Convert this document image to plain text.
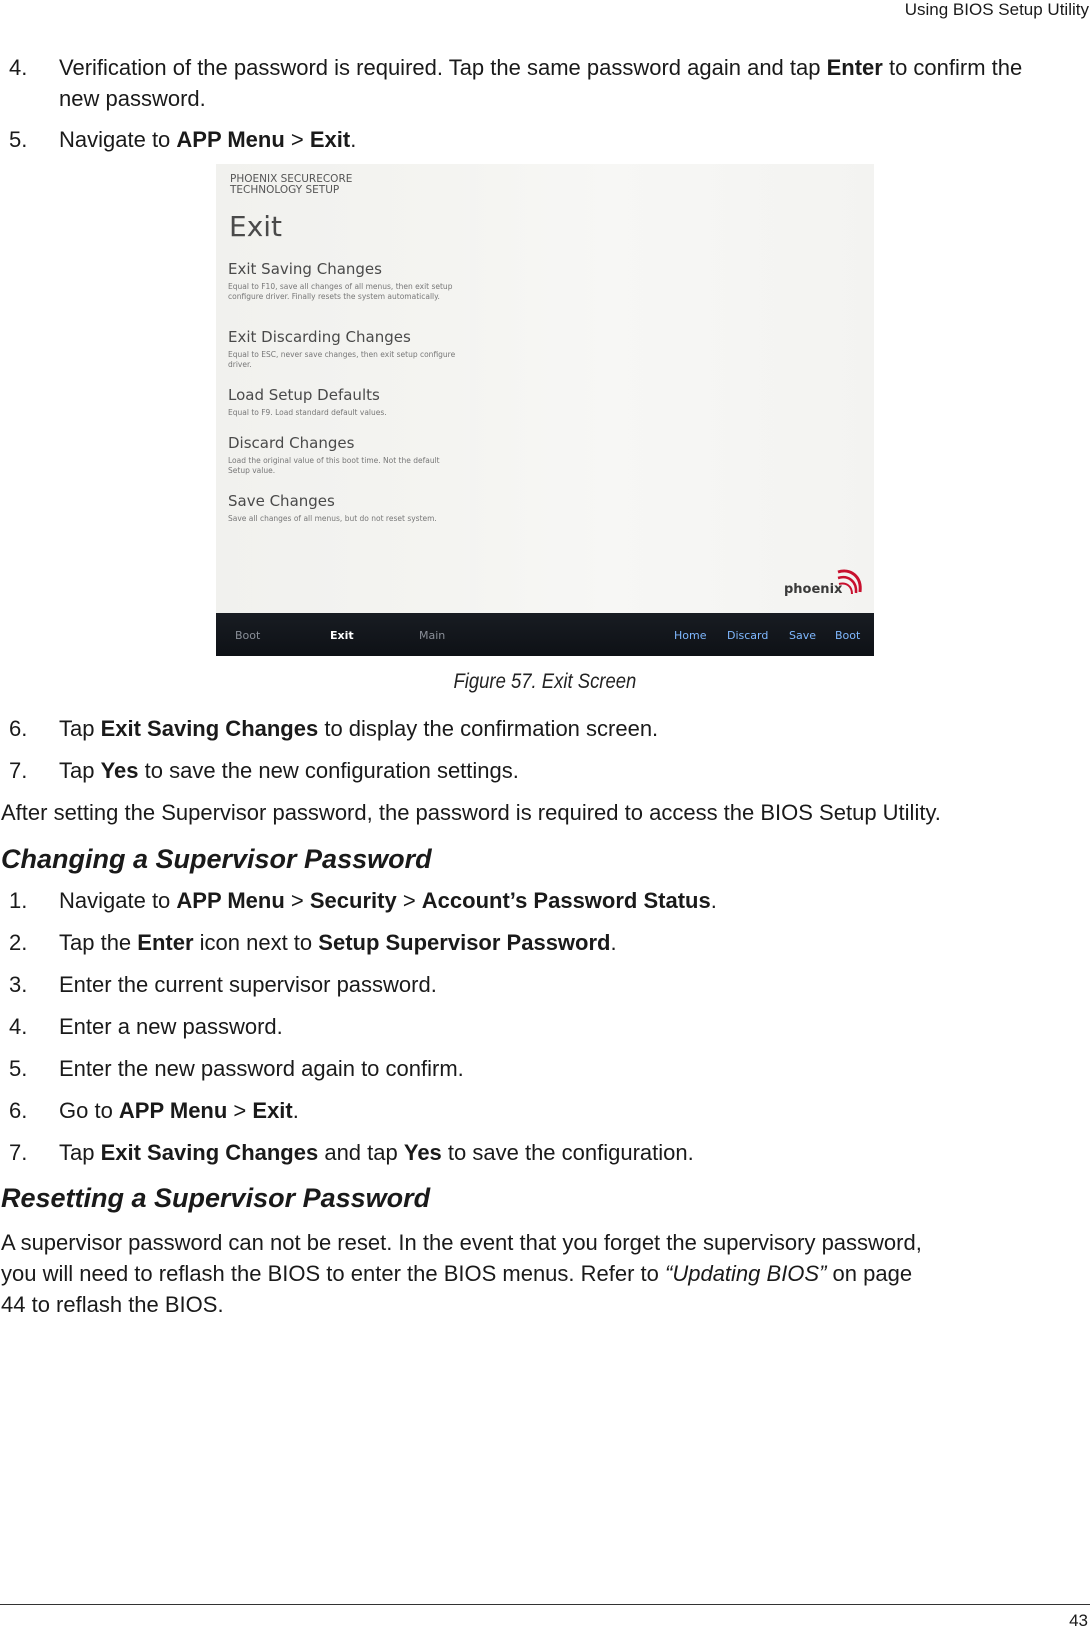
Using BIOS Setup Utility
4. Verification of the password is required. Tap the same password again and tap Enter to confirm the new password.
5. Navigate to APP Menu > Exit.
PHOENIX SECURECORE
TECHNOLOGY SETUP
Exit
Exit Saving Changes
Equal to F10, save all changes of all menus, then exit setup configure driver. Finally resets the system automatically.
Exit Discarding Changes
Equal to ESC, never save changes, then exit setup configure driver.
Load Setup Defaults
Equal to F9. Load standard default values.
Discard Changes
Load the original value of this boot time. Not the default Setup value.
Save Changes
Save all changes of all menus, but do not reset system.
phoenix
Boot	Exit	Main	Home Discard Save Boot
Figure 57. Exit Screen
6. Tap Exit Saving Changes to display the confirmation screen.
7. Tap Yes to save the new configuration settings.

After setting the Supervisor password, the password is required to access the BIOS Setup Utility.

Changing a Supervisor Password
1. Navigate to APP Menu > Security > Account’s Password Status.
2. Tap the Enter icon next to Setup Supervisor Password.
3. Enter the current supervisor password.
4. Enter a new password.
5. Enter the new password again to confirm.
6. Go to APP Menu > Exit.
7. Tap Exit Saving Changes and tap Yes to save the configuration.
Resetting a Supervisor Password
A supervisor password can not be reset. In the event that you forget the supervisory password,
you will need to reflash the BIOS to enter the BIOS menus. Refer to “Updating BIOS” on page
44 to reflash the BIOS.
43
